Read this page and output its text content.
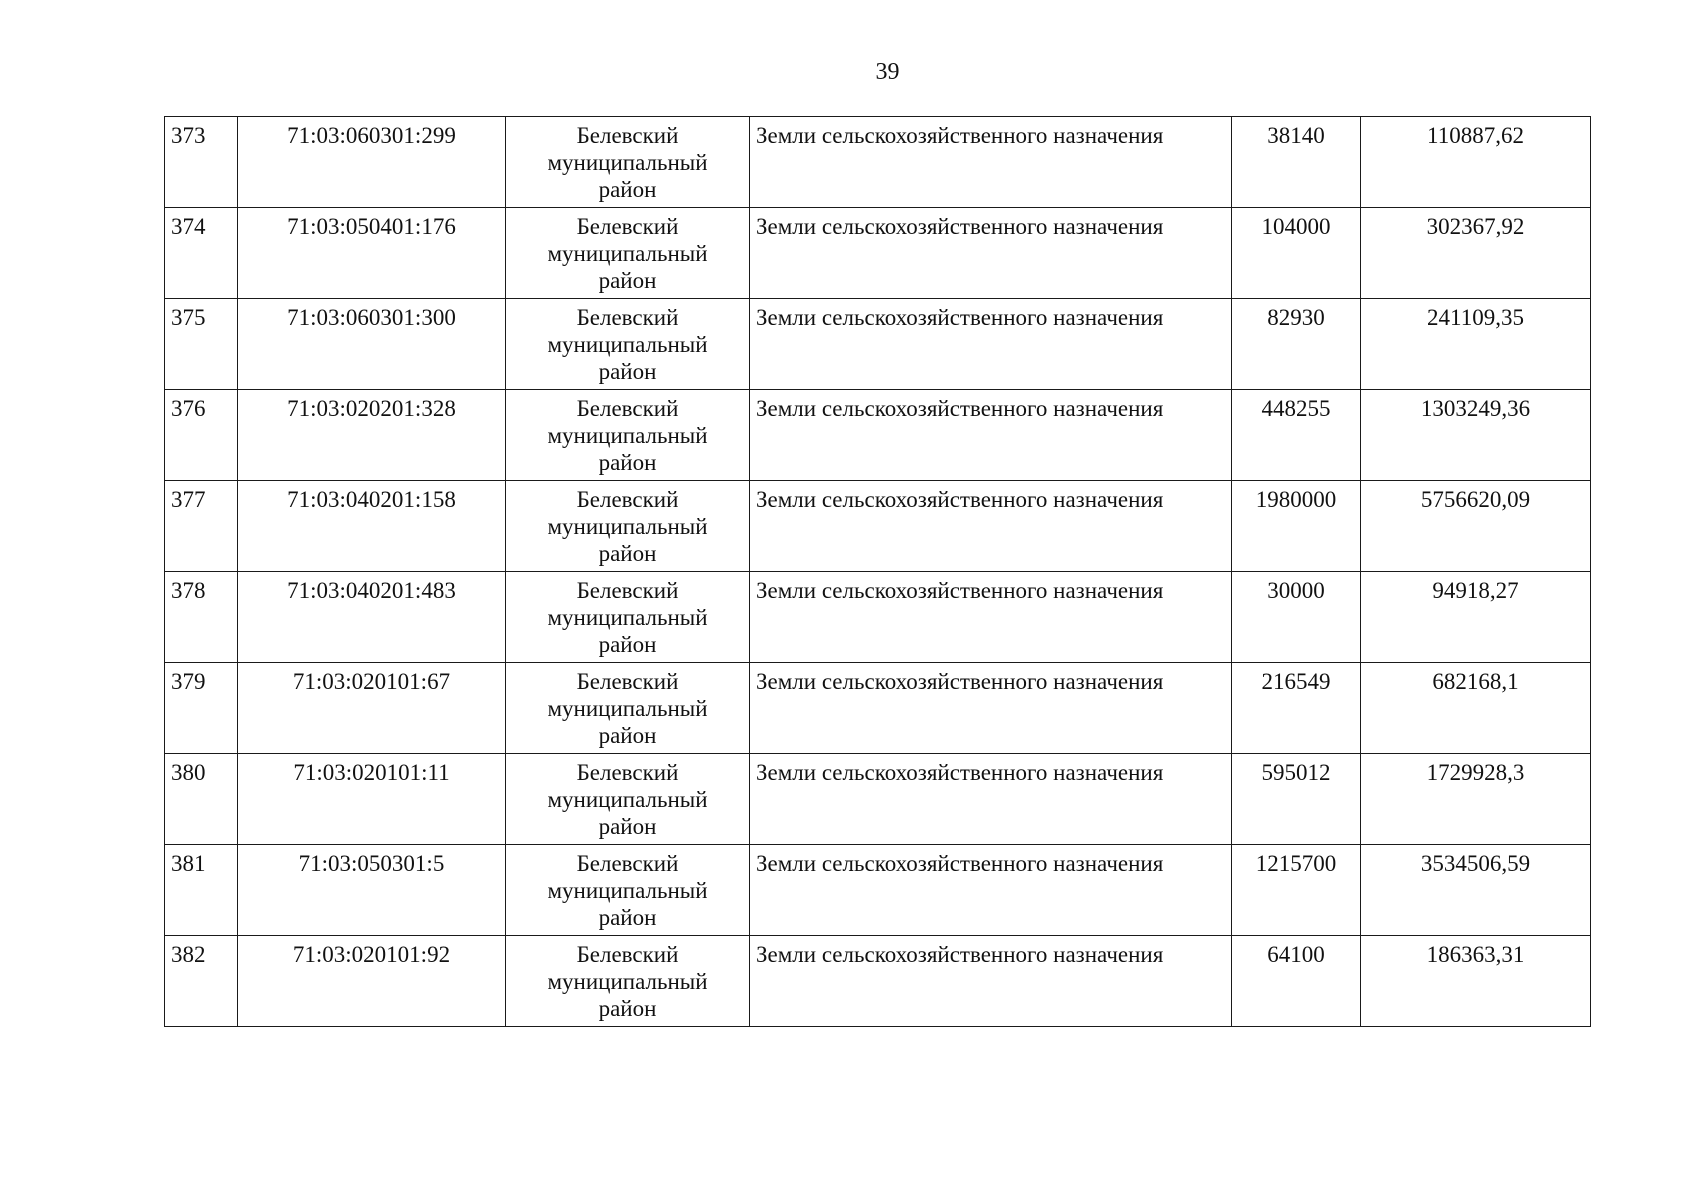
39
373	71:03:060301:299	Белевский
муниципальный
район	Земли сельскохозяйственного назначения	38140	110887,62
374	71:03:050401:176	Белевский
муниципальный
район	Земли сельскохозяйственного назначения	104000	302367,92
375	71:03:060301:300	Белевский
муниципальный
район	Земли сельскохозяйственного назначения	82930	241109,35
376	71:03:020201:328	Белевский
муниципальный
район	Земли сельскохозяйственного назначения	448255	1303249,36
377	71:03:040201:158	Белевский
муниципальный
район	Земли сельскохозяйственного назначения	1980000	5756620,09
378	71:03:040201:483	Белевский
муниципальный
район	Земли сельскохозяйственного назначения	30000	94918,27
379	71:03:020101:67	Белевский
муниципальный
район	Земли сельскохозяйственного назначения	216549	682168,1
380	71:03:020101:11	Белевский
муниципальный
район	Земли сельскохозяйственного назначения	595012	1729928,3
381	71:03:050301:5	Белевский
муниципальный
район	Земли сельскохозяйственного назначения	1215700	3534506,59
382	71:03:020101:92	Белевский
муниципальный
район	Земли сельскохозяйственного назначения	64100	186363,31
